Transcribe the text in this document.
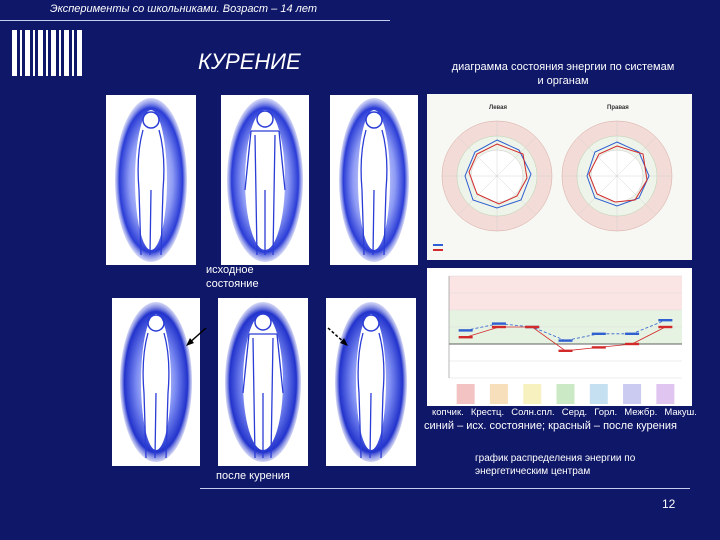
Эксперименты со школьниками. Возраст – 14 лет
КУРЕНИЕ	диаграмма состояния энергии по системам и органам
исходное
состояние
после курения
Левая	Правая
копчик. Крестц. Солн.спл. Серд. Горл. Межбр. Макуш.
синий – исх. состояние; красный – после курения
график распределения энергии по энергетическим центрам
12
